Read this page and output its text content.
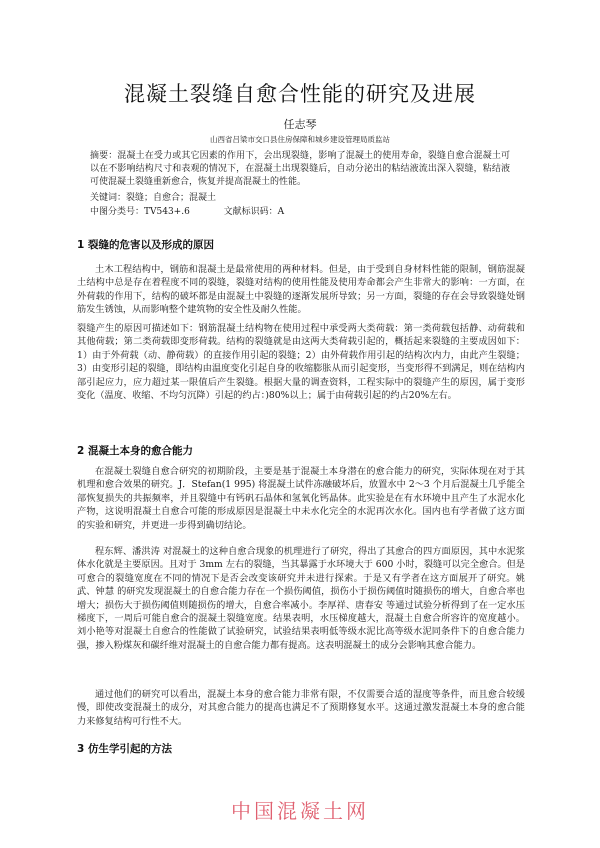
混凝土裂缝自愈合性能的研究及进展
任志琴
山西省吕梁市交口县住房保障和城乡建设管理局质监站
摘要：混凝土在受力或其它因素的作用下，会出现裂缝，影响了混凝土的使用寿命，裂缝自愈合混凝土可以在不影响结构尺寸和表观的情况下，在混凝土出现裂缝后，自动分泌出的粘结液流出深入裂缝，粘结液可使混凝土裂缝重新愈合，恢复并提高混凝土的性能。
关键词：裂缝；自愈合；混凝土
中图分类号：TV543+.6	文献标识码：A
1 裂缝的危害以及形成的原因

土木工程结构中，钢筋和混凝土是最常使用的两种材料。但是，由于受到自身材料性能的限制，钢筋混凝土结构中总是存在着程度不同的裂缝，裂缝对结构的使用性能及使用寿命都会产生非常大的影响：一方面，在外荷载的作用下，结构的破坏都是由混凝土中裂缝的逐渐发展所导致；另一方面，裂缝的存在会导致裂缝处钢筋发生锈蚀，从而影响整个建筑物的安全性及耐久性能。

裂缝产生的原因可描述如下：钢筋混凝土结构物在使用过程中承受两大类荷载：第一类荷载包括静、动荷载和其他荷载；第二类荷载即变形荷载。结构的裂缝就是由这两大类荷载引起的，概括起来裂缝的主要成因如下：1）由于外荷载（动、静荷载）的直接作用引起的裂缝；2）由外荷载作用引起的结构次内力，由此产生裂缝；3）由变形引起的裂缝，即结构由温度变化引起自身的收缩膨胀从而引起变形，当变形得不到满足，则在结构内部引起应力，应力超过某一限值后产生裂缝。根据大量的调查资料，工程实际中的裂缝产生的原因，属于变形变化（温度、收缩、不均匀沉降）引起的约占：)80%以上；属于由荷载引起的约占20%左右。

2 混凝土本身的愈合能力

在混凝土裂缝自愈合研究的初期阶段，主要是基于混凝土本身潜在的愈合能力的研究，实际体现在对于其机理和愈合效果的研究。J．Stefan(1 995) 将混凝土试件冻融破坏后，放置水中 2～3 个月后混凝土几乎能全部恢复损失的共振频率，并且裂缝中有钙矾石晶体和氢氧化钙晶体。此实验是在有水环境中且产生了水泥水化产物，这说明混凝土自愈合可能的形成原因是混凝土中未水化完全的水泥再次水化。国内也有学者做了这方面的实验和研究，并更进一步得到确切结论。

程东辉、潘洪涛 对混凝土的这种自愈合现象的机理进行了研究，得出了其愈合的四方面原因，其中水泥浆体水化就是主要原因。且对于 3mm 左右的裂缝，当其暴露于水环境大于 600 小时，裂缝可以完全愈合。但是可愈合的裂缝宽度在不同的情况下是否会改变该研究并未进行探索。于是又有学者在这方面展开了研究。姚武、钟慧 的研究发现混凝土的自愈合能力存在一个损伤阈值，损伤小于损伤阈值时随损伤的增大，自愈合率也增大；损伤大于损伤阈值则随损伤的增大，自愈合率减小。李厚祥、唐春安 等通过试验分析得到了在一定水压梯度下，一周后可能自愈合的混凝土裂缝宽度。结果表明，水压梯度越大，混凝土自愈合所容许的宽度越小。刘小艳等对混凝土自愈合的性能做了试验研究，试验结果表明低等级水泥比高等级水泥同条件下的自愈合能力强，掺入粉煤灰和碳纤维对混凝土的自愈合能力都有提高。这表明混凝土的成分会影响其愈合能力。

通过他们的研究可以看出，混凝土本身的愈合能力非常有限，不仅需要合适的湿度等条件，而且愈合较缓慢，即使改变混凝土的成分，对其愈合能力的提高也满足不了预期修复水平。这通过激发混凝土本身的愈合能力来修复结构可行性不大。

3 仿生学引起的方法
中国混凝土网
